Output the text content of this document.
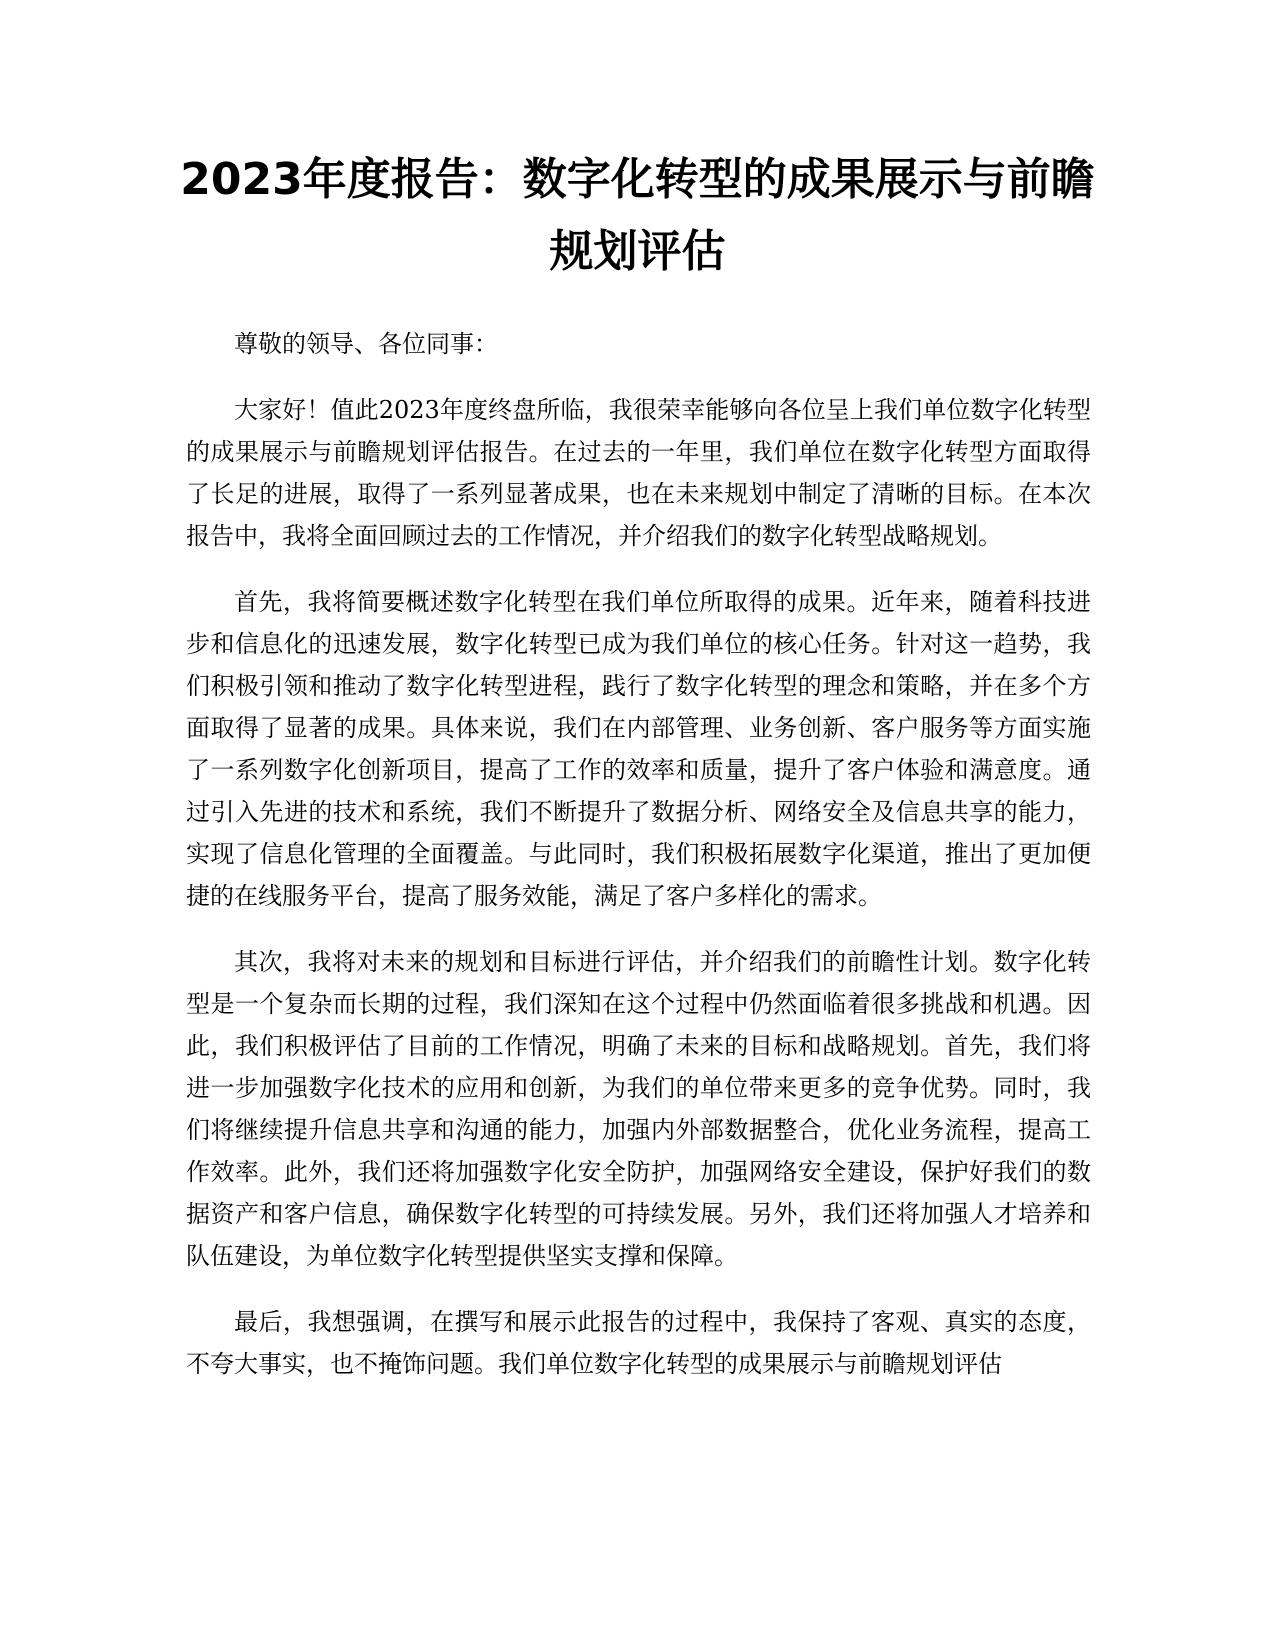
2023年度报告：数字化转型的成果展示与前瞻规划评估

尊敬的领导、各位同事：

大家好！值此2023年度终盘所临，我很荣幸能够向各位呈上我们单位数字化转型的成果展示与前瞻规划评估报告。在过去的一年里，我们单位在数字化转型方面取得了长足的进展，取得了一系列显著成果，也在未来规划中制定了清晰的目标。在本次报告中，我将全面回顾过去的工作情况，并介绍我们的数字化转型战略规划。

首先，我将简要概述数字化转型在我们单位所取得的成果。近年来，随着科技进步和信息化的迅速发展，数字化转型已成为我们单位的核心任务。针对这一趋势，我们积极引领和推动了数字化转型进程，践行了数字化转型的理念和策略，并在多个方面取得了显著的成果。具体来说，我们在内部管理、业务创新、客户服务等方面实施了一系列数字化创新项目，提高了工作的效率和质量，提升了客户体验和满意度。通过引入先进的技术和系统，我们不断提升了数据分析、网络安全及信息共享的能力，实现了信息化管理的全面覆盖。与此同时，我们积极拓展数字化渠道，推出了更加便捷的在线服务平台，提高了服务效能，满足了客户多样化的需求。

其次，我将对未来的规划和目标进行评估，并介绍我们的前瞻性计划。数字化转型是一个复杂而长期的过程，我们深知在这个过程中仍然面临着很多挑战和机遇。因此，我们积极评估了目前的工作情况，明确了未来的目标和战略规划。首先，我们将进一步加强数字化技术的应用和创新，为我们的单位带来更多的竞争优势。同时，我们将继续提升信息共享和沟通的能力，加强内外部数据整合，优化业务流程，提高工作效率。此外，我们还将加强数字化安全防护，加强网络安全建设，保护好我们的数据资产和客户信息，确保数字化转型的可持续发展。另外，我们还将加强人才培养和队伍建设，为单位数字化转型提供坚实支撑和保障。

最后，我想强调，在撰写和展示此报告的过程中，我保持了客观、真实的态度，不夸大事实，也不掩饰问题。我们单位数字化转型的成果展示与前瞻规划评估
